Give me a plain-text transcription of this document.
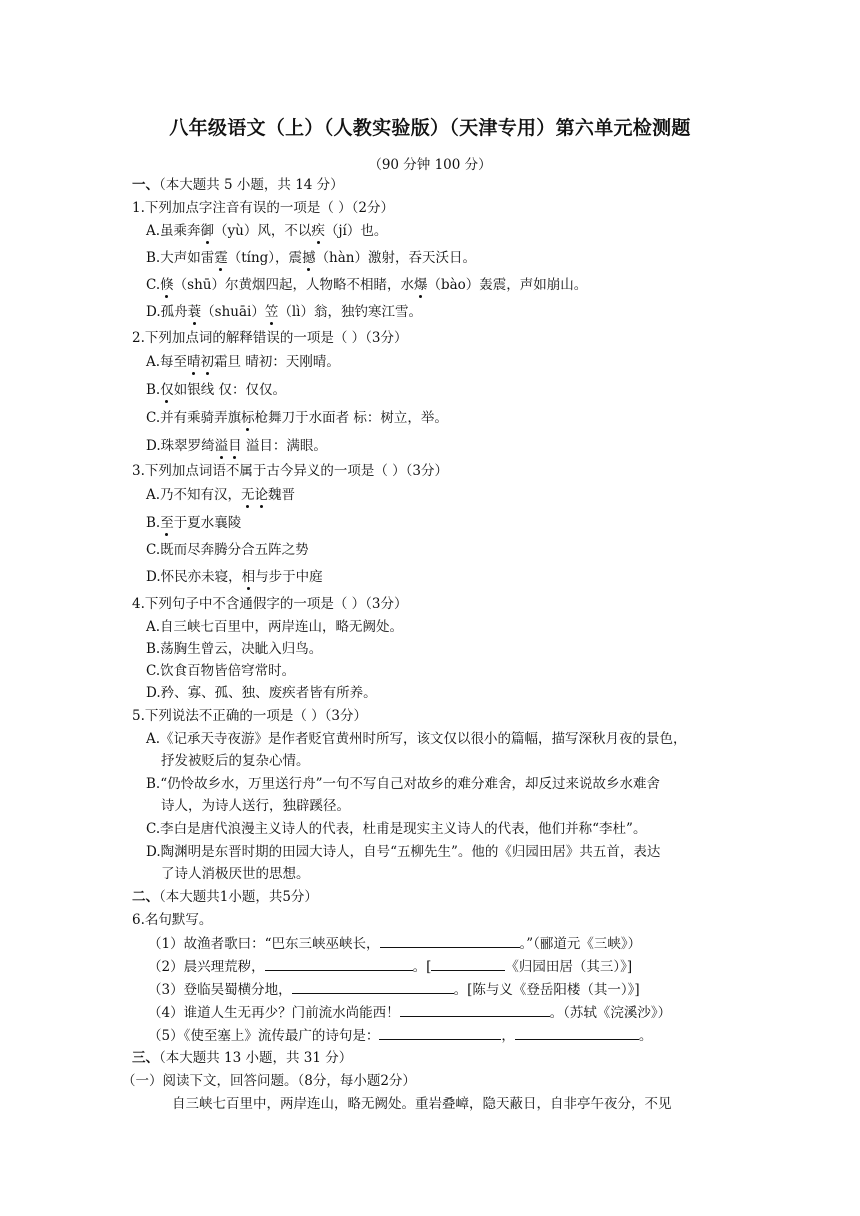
八年级语文（上）（人教实验版）（天津专用）第六单元检测题
（90 分钟 100 分）
一、（本大题共 5 小题，共 14 分）
1.下列加点字注音有误的一项是（ ）（2分）
A.虽乘奔御（yù）风，不以疾（jí）也。
B.大声如雷霆（tíng），震撼（hàn）激射，吞天沃日。
C.倏（shū）尔黄烟四起，人物略不相睹，水爆（bào）轰震，声如崩山。
D.孤舟蓑（shuāi）笠（lì）翁，独钓寒江雪。
2.下列加点词的解释错误的一项是（ ）（3分）
A.每至晴初霜旦 晴初：天刚晴。
B.仅如银线 仅：仅仅。
C.并有乘骑弄旗标枪舞刀于水面者 标：树立，举。
D.珠翠罗绮溢目 溢目：满眼。
3.下列加点词语不属于古今异义的一项是（ ）（3分）
A.乃不知有汉，无论魏晋
B.至于夏水襄陵
C.既而尽奔腾分合五阵之势
D.怀民亦未寝，相与步于中庭
4.下列句子中不含通假字的一项是（ ）（3分）
A.自三峡七百里中，两岸连山，略无阙处。
B.荡胸生曾云，决眦入归鸟。
C.饮食百物皆倍穹常时。
D.矜、寡、孤、独、废疾者皆有所养。
5.下列说法不正确的一项是（ ）（3分）
A.《记承天寺夜游》是作者贬官黄州时所写，该文仅以很小的篇幅，描写深秋月夜的景色，
抒发被贬后的复杂心情。
B.“仍怜故乡水，万里送行舟”一句不写自己对故乡的难分难舍，却反过来说故乡水难舍
诗人，为诗人送行，独辟蹊径。
C.李白是唐代浪漫主义诗人的代表，杜甫是现实主义诗人的代表，他们并称“李杜”。
D.陶渊明是东晋时期的田园大诗人，自号“五柳先生”。他的《归园田居》共五首，表达
了诗人消极厌世的思想。
二、（本大题共1小题，共5分）
6.名句默写。
（1）故渔者歌曰：“巴东三峡巫峡长，	。”（郦道元《三峡》）
（2）晨兴理荒秽，	。[	《归园田居（其三）》]
（3）登临吴蜀横分地，	。[陈与义《登岳阳楼（其一）》]
（4）谁道人生无再少？门前流水尚能西！	。（苏轼《浣溪沙》）
（5）《使至塞上》流传最广的诗句是：	，	。
三、（本大题共 13 小题，共 31 分）
（一）阅读下文，回答问题。（8分，每小题2分）
自三峡七百里中，两岸连山，略无阙处。重岩叠嶂，隐天蔽日，自非亭午夜分，不见
